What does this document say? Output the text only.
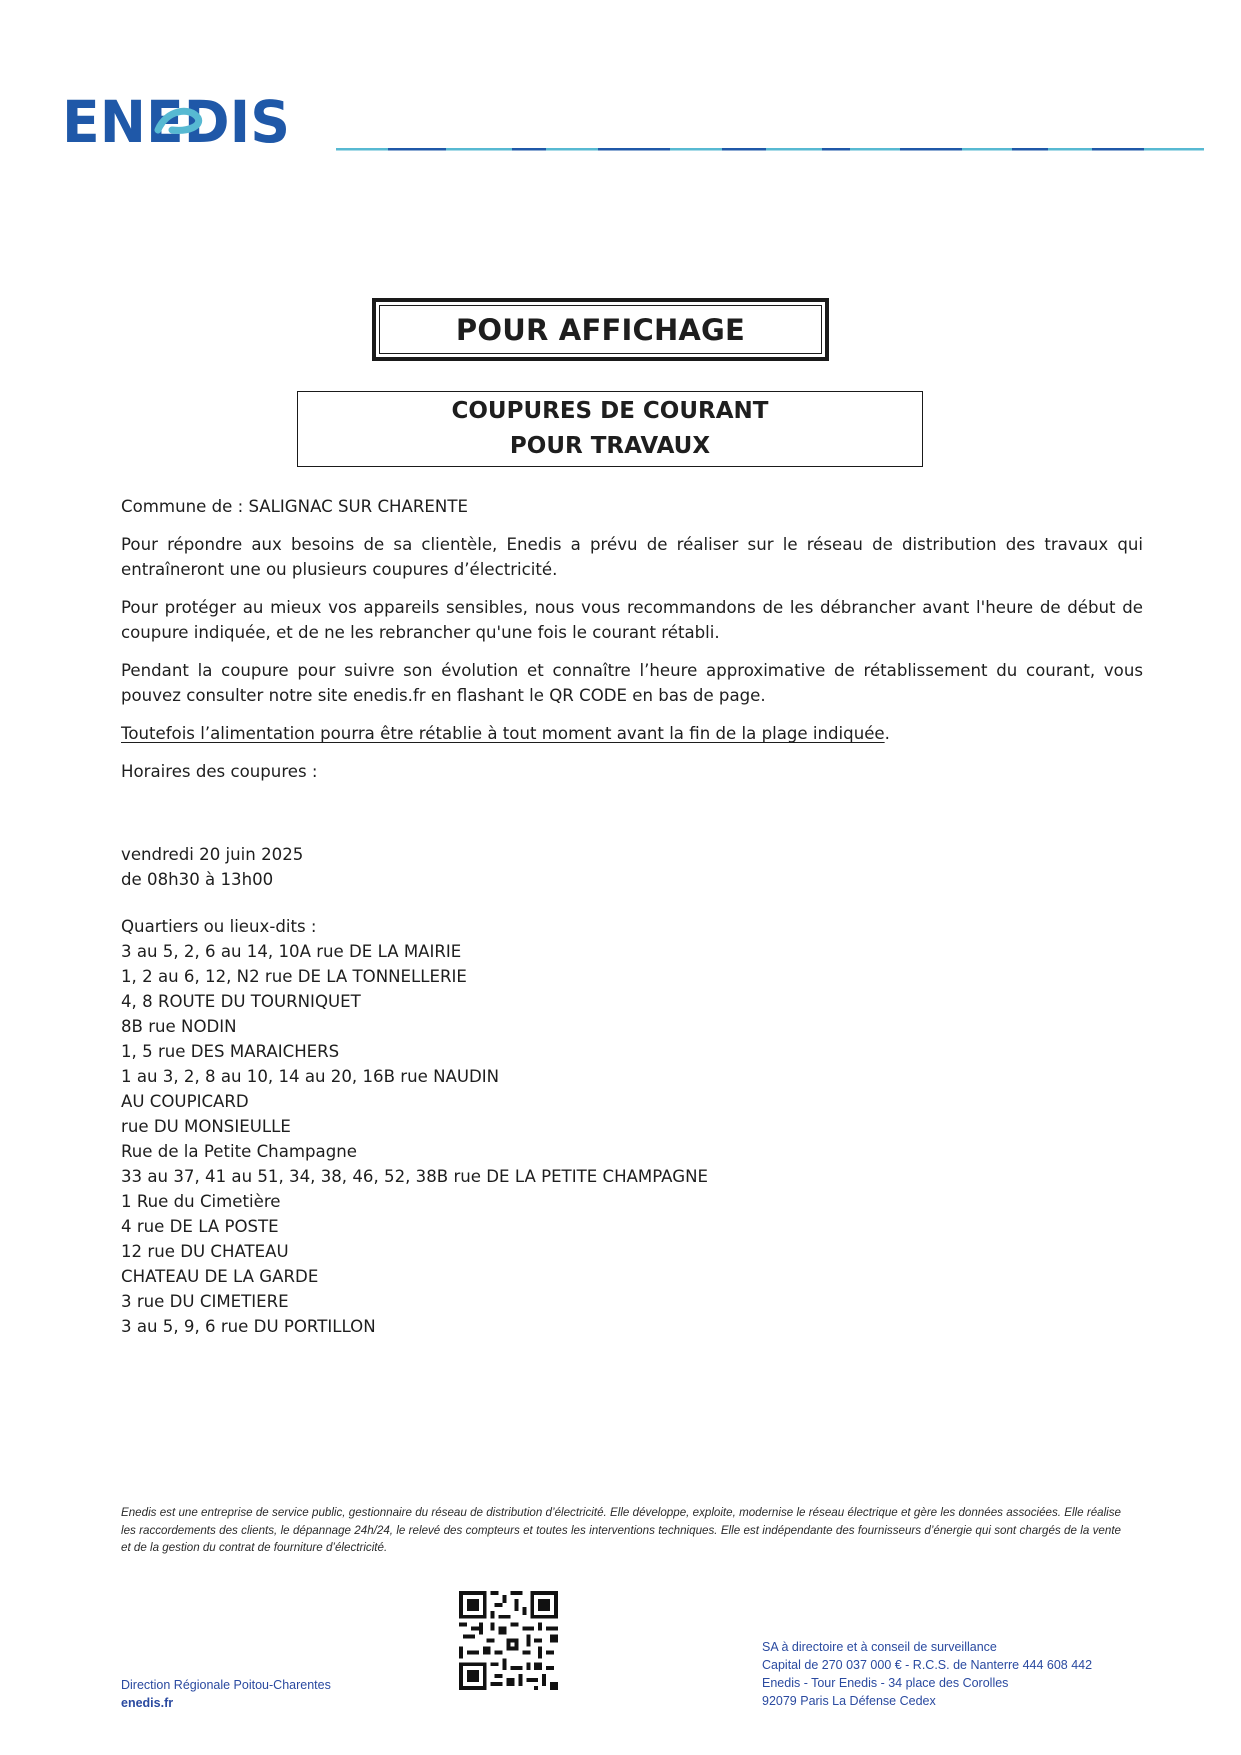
ENEDIS
POUR AFFICHAGE
COUPURES DE COURANT
POUR TRAVAUX

Commune de : SALIGNAC SUR CHARENTE

Pour répondre aux besoins de sa clientèle, Enedis a prévu de réaliser sur le réseau de distribution des travaux qui entraîneront une ou plusieurs coupures d’électricité.

Pour protéger au mieux vos appareils sensibles, nous vous recommandons de les débrancher avant l'heure de début de coupure indiquée, et de ne les rebrancher qu'une fois le courant rétabli.

Pendant la coupure pour suivre son évolution et connaître l’heure approximative de rétablissement du courant, vous pouvez consulter notre site enedis.fr en flashant le QR CODE en bas de page.

Toutefois l’alimentation pourra être rétablie à tout moment avant la fin de la plage indiquée.

Horaires des coupures :

vendredi 20 juin 2025
de 08h30 à 13h00
Quartiers ou lieux-dits :
3 au 5, 2, 6 au 14, 10A rue DE LA MAIRIE
1, 2 au 6, 12, N2 rue DE LA TONNELLERIE
4, 8 ROUTE DU TOURNIQUET
8B rue NODIN
1, 5 rue DES MARAICHERS
1 au 3, 2, 8 au 10, 14 au 20, 16B rue NAUDIN
AU COUPICARD
rue DU MONSIEULLE
Rue de la Petite Champagne
33 au 37, 41 au 51, 34, 38, 46, 52, 38B rue DE LA PETITE CHAMPAGNE
1 Rue du Cimetière
4 rue DE LA POSTE
12 rue DU CHATEAU
CHATEAU DE LA GARDE
3 rue DU CIMETIERE
3 au 5, 9, 6 rue DU PORTILLON
Enedis est une entreprise de service public, gestionnaire du réseau de distribution d’électricité. Elle développe, exploite, modernise le réseau électrique et gère les données associées. Elle réalise les raccordements des clients, le dépannage 24h/24, le relevé des compteurs et toutes les interventions techniques. Elle est indépendante des fournisseurs d’énergie qui sont chargés de la vente et de la gestion du contrat de fourniture d’électricité.
Direction Régionale Poitou-Charentes
enedis.fr
SA à directoire et à conseil de surveillance
Capital de 270 037 000 € - R.C.S. de Nanterre 444 608 442
Enedis - Tour Enedis - 34 place des Corolles
92079 Paris La Défense Cedex
